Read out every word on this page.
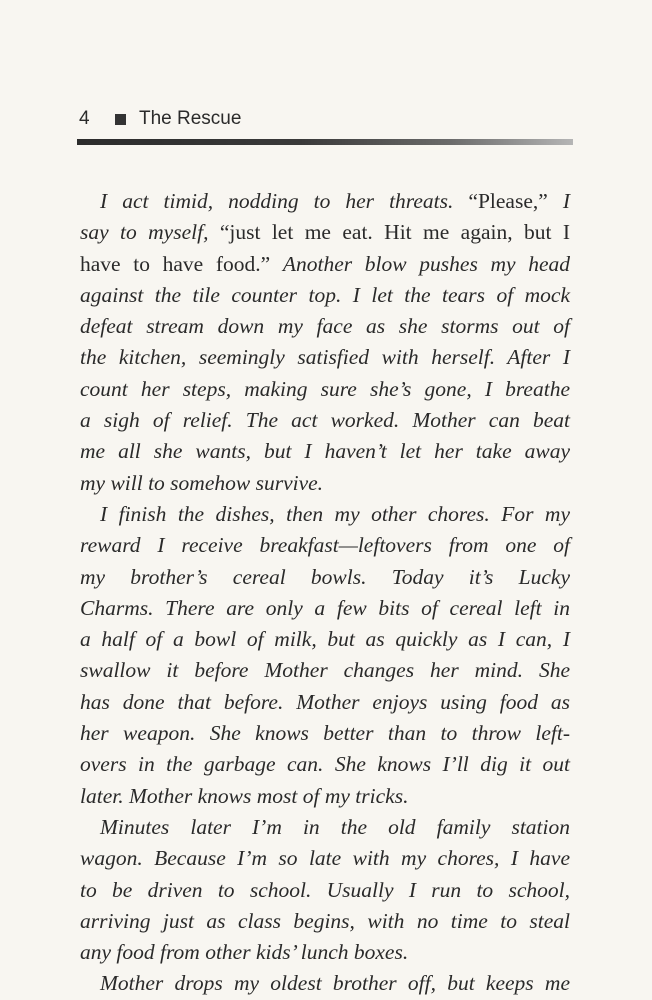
4	The Rescue
I act timid, nodding to her threats. “Please,” I
say to myself, “just let me eat. Hit me again, but I
have to have food.” Another blow pushes my head
against the tile counter top. I let the tears of mock
defeat stream down my face as she storms out of
the kitchen, seemingly satisfied with herself. After I
count her steps, making sure she’s gone, I breathe
a sigh of relief. The act worked. Mother can beat
me all she wants, but I haven’t let her take away
my will to somehow survive.
I finish the dishes, then my other chores. For my
reward I receive breakfast—leftovers from one of
my brother’s cereal bowls. Today it’s Lucky
Charms. There are only a few bits of cereal left in
a half of a bowl of milk, but as quickly as I can, I
swallow it before Mother changes her mind. She
has done that before. Mother enjoys using food as
her weapon. She knows better than to throw left-
overs in the garbage can. She knows I’ll dig it out
later. Mother knows most of my tricks.
Minutes later I’m in the old family station
wagon. Because I’m so late with my chores, I have
to be driven to school. Usually I run to school,
arriving just as class begins, with no time to steal
any food from other kids’ lunch boxes.
Mother drops my oldest brother off, but keeps me
